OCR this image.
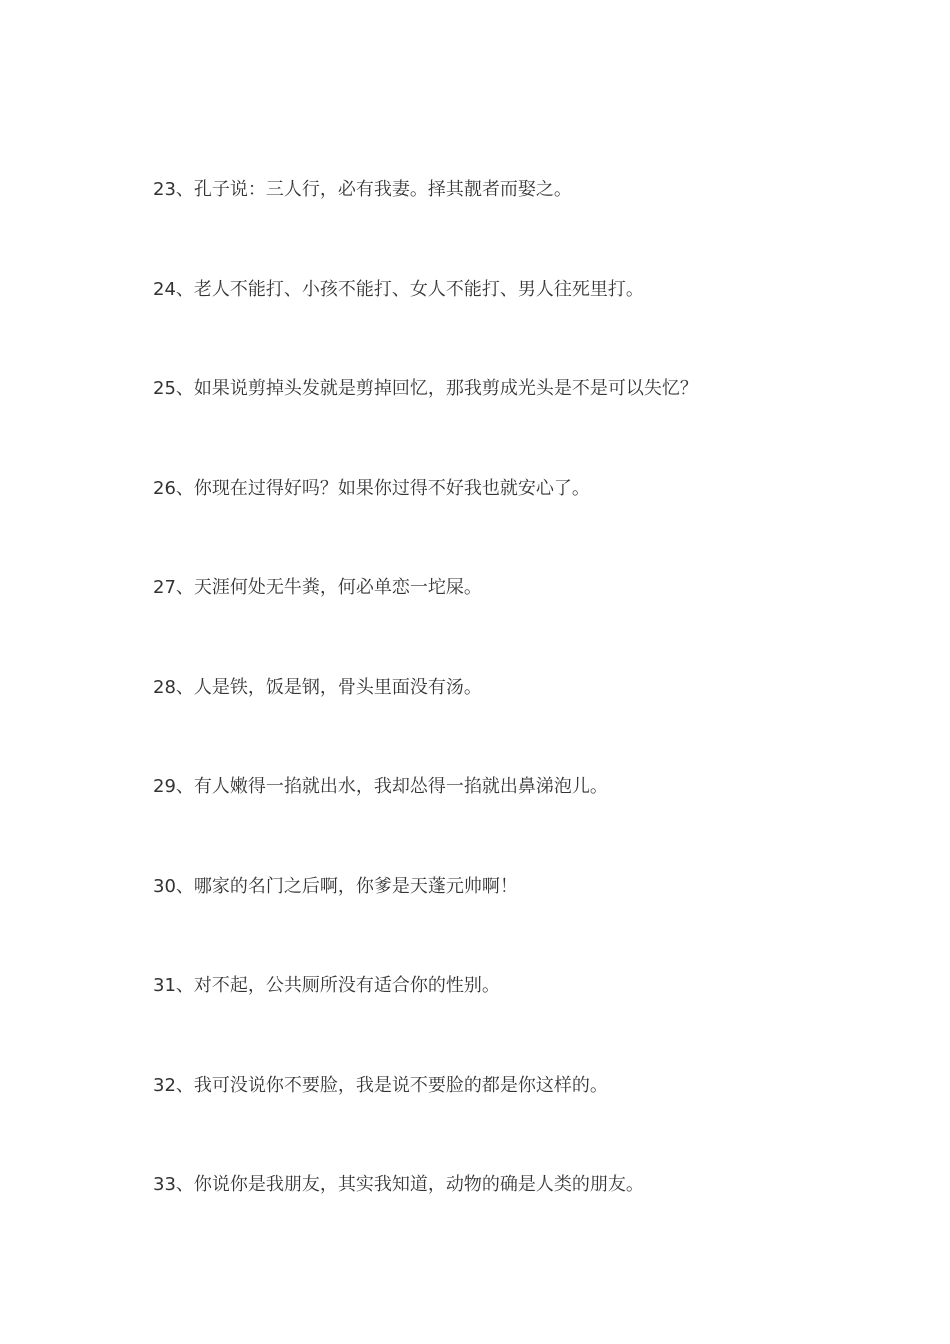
23、孔子说：三人行，必有我妻。择其靓者而娶之。
24、老人不能打、小孩不能打、女人不能打、男人往死里打。
25、如果说剪掉头发就是剪掉回忆，那我剪成光头是不是可以失忆？
26、你现在过得好吗？如果你过得不好我也就安心了。
27、天涯何处无牛粪，何必单恋一坨屎。
28、人是铁，饭是钢，骨头里面没有汤。
29、有人嫩得一掐就出水，我却怂得一掐就出鼻涕泡儿。
30、哪家的名门之后啊，你爹是天蓬元帅啊！
31、对不起，公共厕所没有适合你的性别。
32、我可没说你不要脸，我是说不要脸的都是你这样的。
33、你说你是我朋友，其实我知道，动物的确是人类的朋友。
